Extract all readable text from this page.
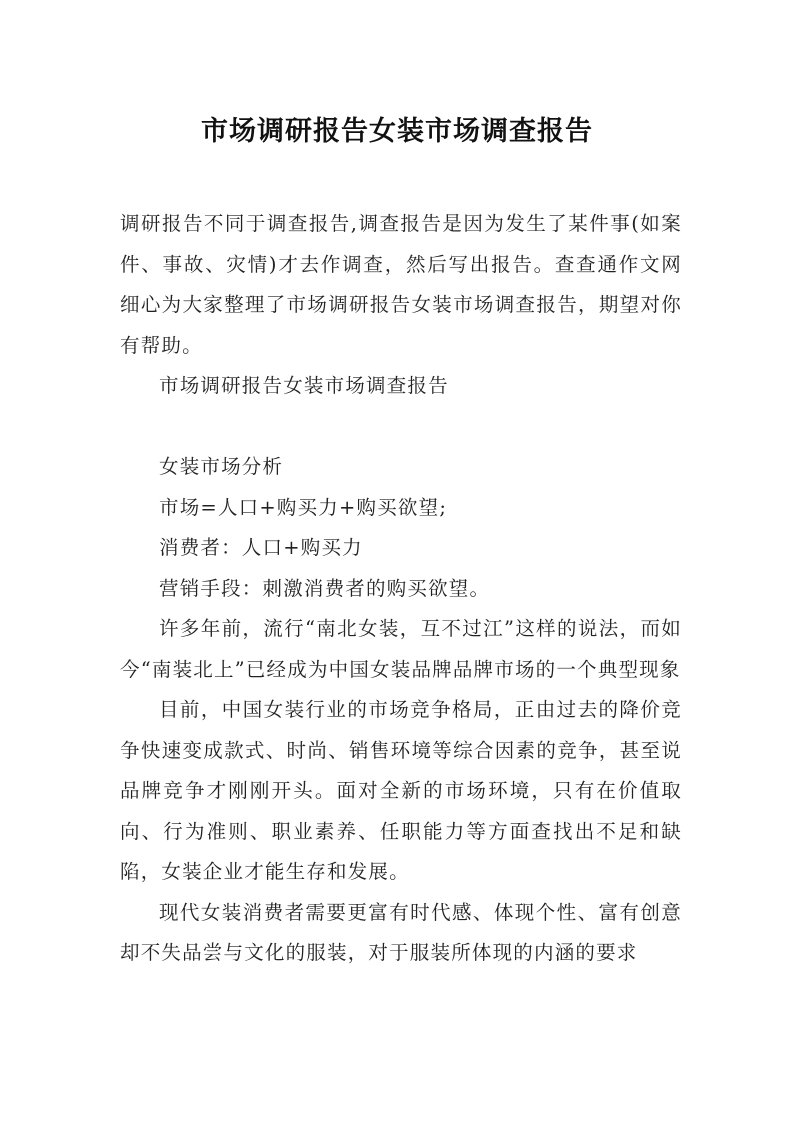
市场调研报告女装市场调查报告

调研报告不同于调查报告,调查报告是因为发生了某件事(如案件、事故、灾情)才去作调查，然后写出报告。查查通作文网细心为大家整理了市场调研报告女装市场调查报告，期望对你有帮助。

市场调研报告女装市场调查报告

女装市场分析

市场=人口+购买力+购买欲望;

消费者：人口+购买力

营销手段：刺激消费者的购买欲望。

许多年前，流行“南北女装，互不过江”这样的说法，而如今“南装北上”已经成为中国女装品牌品牌市场的一个典型现象

目前，中国女装行业的市场竞争格局，正由过去的降价竞争快速变成款式、时尚、销售环境等综合因素的竞争，甚至说品牌竞争才刚刚开头。面对全新的市场环境，只有在价值取向、行为准则、职业素养、任职能力等方面查找出不足和缺陷，女装企业才能生存和发展。

现代女装消费者需要更富有时代感、体现个性、富有创意却不失品尝与文化的服装，对于服装所体现的内涵的要求
